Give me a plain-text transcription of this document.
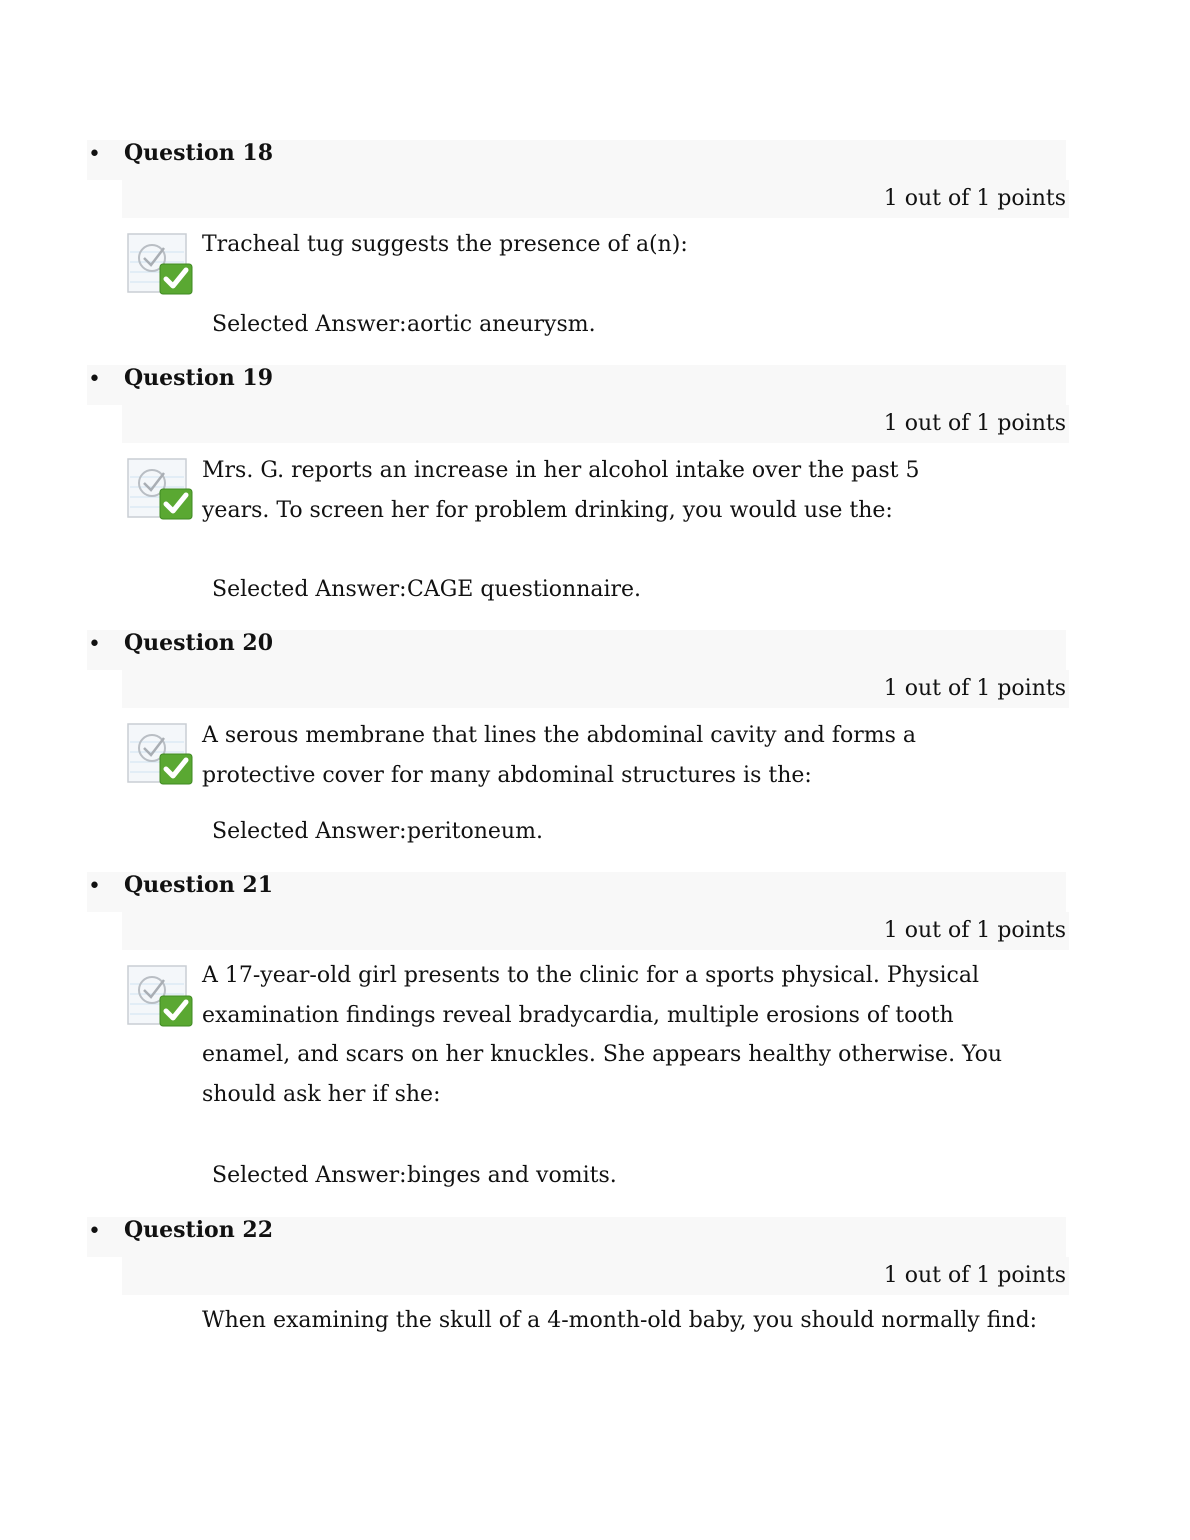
• Question 18
1 out of 1 points
Tracheal tug suggests the presence of a(n):
Selected Answer:aortic aneurysm.
• Question 19
1 out of 1 points
Mrs. G. reports an increase in her alcohol intake over the past 5 years. To screen her for problem drinking, you would use the:
Selected Answer:CAGE questionnaire.
• Question 20
1 out of 1 points
A serous membrane that lines the abdominal cavity and forms a protective cover for many abdominal structures is the:
Selected Answer:peritoneum.
• Question 21
1 out of 1 points
A 17-year-old girl presents to the clinic for a sports physical. Physical examination findings reveal bradycardia, multiple erosions of tooth enamel, and scars on her knuckles. She appears healthy otherwise. You should ask her if she:
Selected Answer:binges and vomits.
• Question 22
1 out of 1 points
When examining the skull of a 4-month-old baby, you should normally find:
